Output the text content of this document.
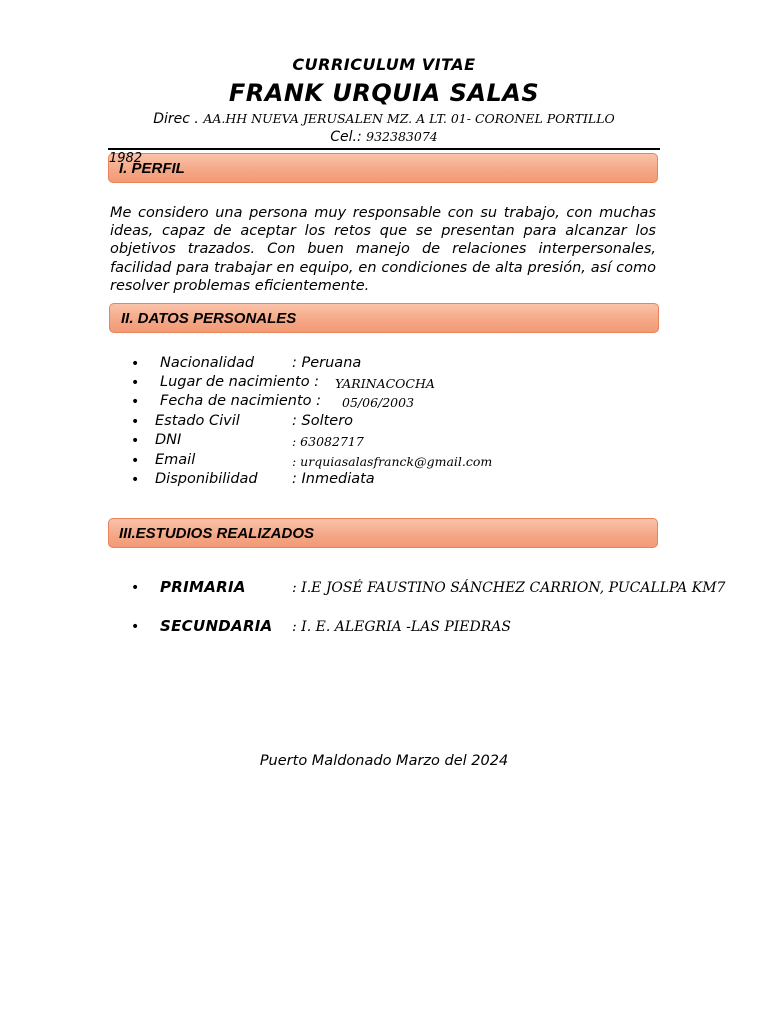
CURRICULUM VITAE
FRANK URQUIA SALAS
Direc . AA.HH NUEVA JERUSALEN MZ. A LT. 01- CORONEL PORTILLO
Cel.: 932383074
1982
I. PERFIL
Me considero una persona muy responsable con su trabajo, con muchas ideas, capaz de aceptar los retos que se presentan para alcanzar los objetivos trazados. Con buen manejo de relaciones interpersonales, facilidad para trabajar en equipo, en condiciones de alta presión, así como resolver problemas eficientemente.
II. DATOS PERSONALES
• Nacionalidad	: Peruana
• Lugar de nacimiento : YARINACOCHA
• Fecha de nacimiento : 05/06/2003
• Estado Civil	: Soltero
• DNI	: 63082717
• Email	: urquiasalasfranck@gmail.com
• Disponibilidad : Inmediata
III.ESTUDIOS REALIZADOS
• PRIMARIA	: I.E JOSÉ FAUSTINO SÁNCHEZ CARRION, PUCALLPA KM7
• SECUNDARIA : I. E. ALEGRIA -LAS PIEDRAS
Puerto Maldonado Marzo del 2024
